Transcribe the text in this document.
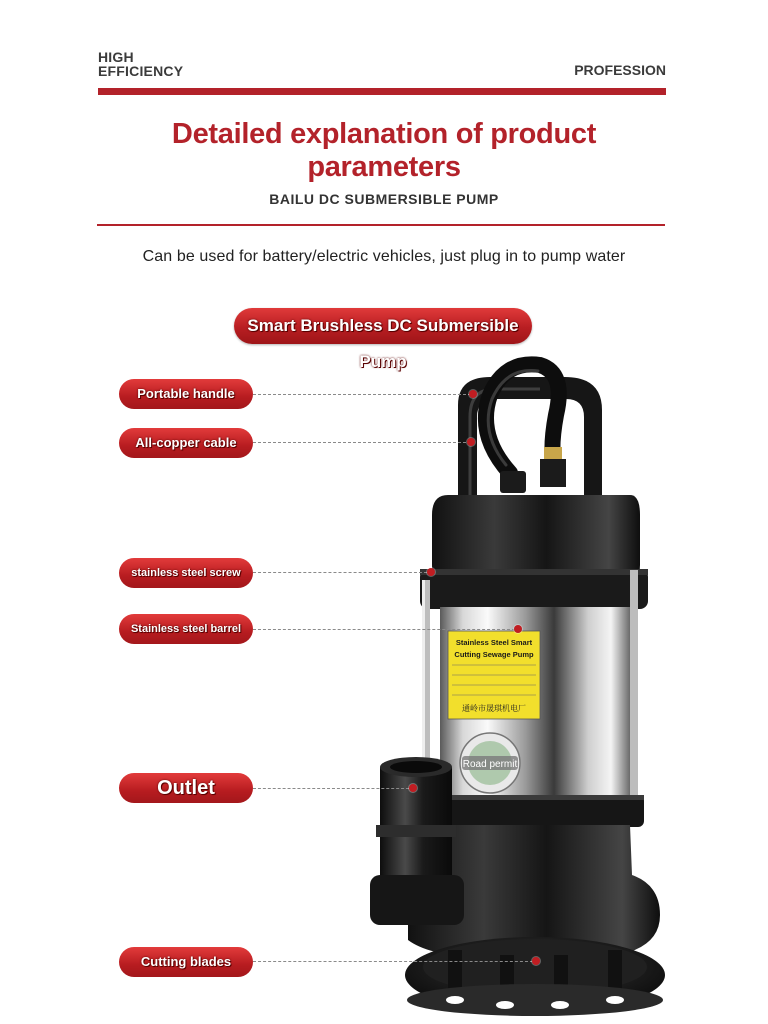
HIGH
EFFICIENCY	PROFESSION
Detailed explanation of product
parameters
BAILU DC SUBMERSIBLE PUMP
Can be used for battery/electric vehicles, just plug in to pump water
Smart Brushless DC Submersible Pump
Stainless Steel Smart
Cutting Sewage Pump
通岭市晟琪机电厂
Road permit
Portable handle
All-copper cable
stainless steel screw
Stainless steel barrel
Outlet
Cutting blades
